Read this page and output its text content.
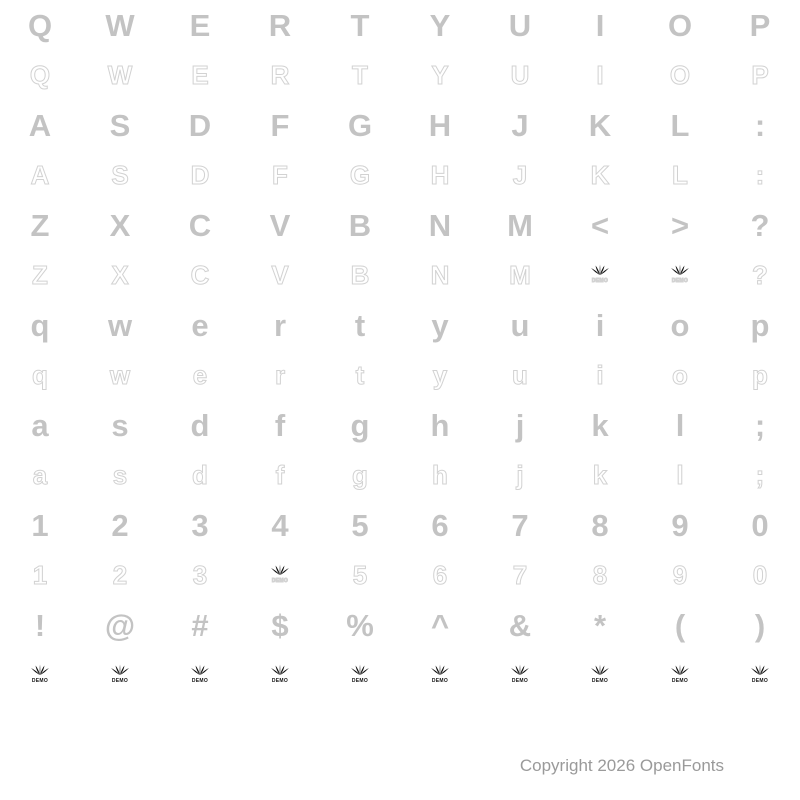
Q W E R T Y U I O P
Q W E R T Y U	I	O P
A S D F G H J K L :
A S D F G H J K L	:
Z X C V B N M < > ?
Z X C V B N M	DEMO	DEMO ?
q w e r t y u i o p
q w e	r	t	y u	i	o p
a s d f g h j k l ;
a	s d	f	g h	j	k	l	;
1 2 3 4 5 6 7 8 9 0
1	2	3	DEMO 5	6	7	8	9	0
! @ # $ % ^ & * ( )
DEMO	DEMO	DEMO	DEMO	DEMO	DEMO	DEMO	DEMO	DEMO	DEMO
Copyright 2026 OpenFonts
